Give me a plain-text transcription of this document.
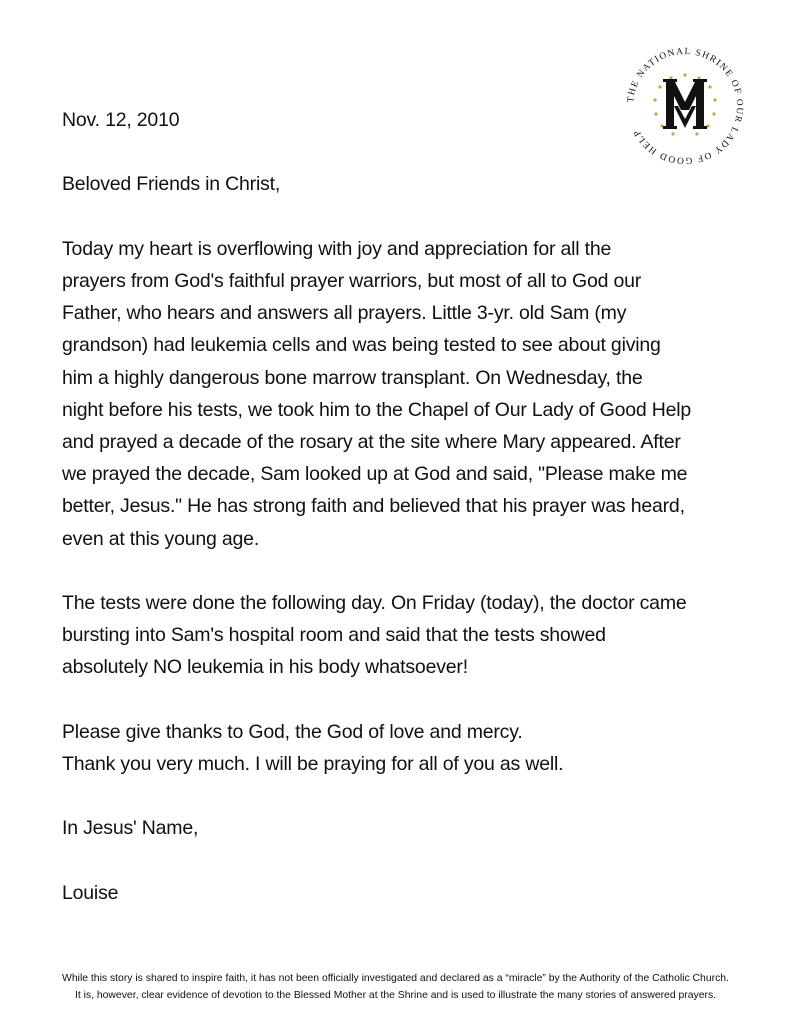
THE NATIONAL SHRINE OF OUR LADY OF GOOD HELP

Nov. 12, 2010

Beloved Friends in Christ,

Today my heart is overflowing with joy and appreciation for all the

prayers from God's faithful prayer warriors, but most of all to God our

Father, who hears and answers all prayers. Little 3-yr. old Sam (my

grandson) had leukemia cells and was being tested to see about giving

him a highly dangerous bone marrow transplant. On Wednesday, the

night before his tests, we took him to the Chapel of Our Lady of Good Help

and prayed a decade of the rosary at the site where Mary appeared. After

we prayed the decade, Sam looked up at God and said, "Please make me

better, Jesus." He has strong faith and believed that his prayer was heard,

even at this young age.

The tests were done the following day. On Friday (today), the doctor came

bursting into Sam's hospital room and said that the tests showed

absolutely NO leukemia in his body whatsoever!

Please give thanks to God, the God of love and mercy.

Thank you very much. I will be praying for all of you as well.

In Jesus' Name,

Louise

While this story is shared to inspire faith, it has not been officially investigated and declared as a “miracle” by the Authority of the Catholic Church.

It is, however, clear evidence of devotion to the Blessed Mother at the Shrine and is used to illustrate the many stories of answered prayers.
